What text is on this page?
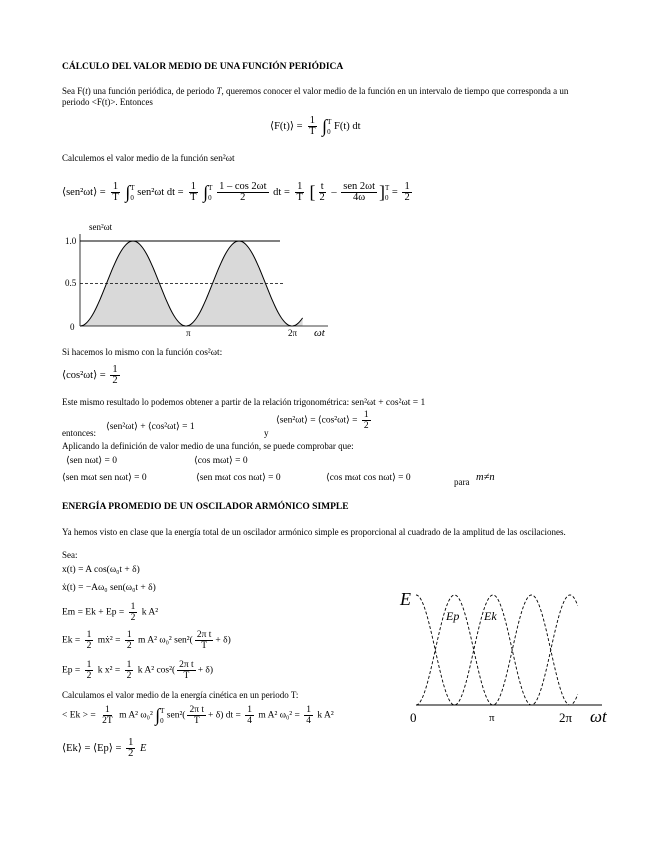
CÁLCULO DEL VALOR MEDIO DE UNA FUNCIÓN PERIÓDICA
Sea F(t) una función periódica, de periodo T, queremos conocer el valor medio de la función en un intervalo de tiempo que corresponda a un periodo <F(t)>. Entonces
⟨F(t)⟩ = $\frac{1}{T}$ ∫ T
0 F(t) dt
Calculemos el valor medio de la función sen²ωt
⟨sen²ωt⟩ = $\frac{1}{T}$ ∫ T
0 sen²ωt dt = $\frac{1}{T}$ ∫ T
0
$\frac{1 - \cos 2\omega t}{2}$ dt = $\frac{1}{T}$ [ $\frac{t}{2} - \frac{\text{sen 2ωt}}{4\omega}$ ] T
$0 = \frac{1}{2}$
sen²ωt
1.0
0.5
0
π	2π ωt
Si hacemos lo mismo con la función cos²ωt:
⟨cos²ωt⟩ = $\frac{1}{2}$
Este mismo resultado lo podemos obtener a partir de la relación trigonométrica: sen²ωt + cos²ωt = 1
entonces:
⟨sen²ωt⟩ + ⟨cos²ωt⟩ = 1
y
⟨sen²ωt⟩ = ⟨cos²ωt⟩ = $\frac{1}{2}$
Aplicando la definición de valor medio de una función, se puede comprobar que:
⟨sen nωt⟩ = 0	⟨cos mωt⟩ = 0
⟨sen mωt sen nωt⟩ = 0	⟨sen mωt cos nωt⟩ = 0	⟨cos mωt cos nωt⟩ = 0	para m≠n
ENERGÍA PROMEDIO DE UN OSCILADOR ARMÓNICO SIMPLE
Ya hemos visto en clase que la energía total de un oscilador armónico simple es proporcional al cuadrado de la amplitud de las oscilaciones.
Sea:
x(t) = A cos(ω₀t + δ)
ẋ(t) = −Aω₀ sen(ω₀t + δ)
$Em = Ek + Ep = \frac{1}{2}$ k A²
$Ek = \frac{1}{2}$ mẋ² = $\frac{1}{2}$ m A² ω₀² $sen^2( \frac{\text{2π t}}{T} + \delta)$
$Ep = \frac{1}{2}$ k $x^2 = \frac{1}{2}$ k A² $\cos^2( \frac{\text{2π t}}{T} + \delta)$
Calculamos el valor medio de la energía cinética en un periodo T:
< Ek > = $\frac{1}{2T}$ m A² ω₀² ∫ T
0 $sen^2( \frac{\text{2π t}}{T} + \delta)$ dt = $\frac{1}{4}$ m A² $\omega_0^2 = \frac{1}{4}$ k A²
⟨Ek⟩ = ⟨Ep⟩ = $\frac{1}{2}$ E
E
Ep Ek
0	π	2π ωt
